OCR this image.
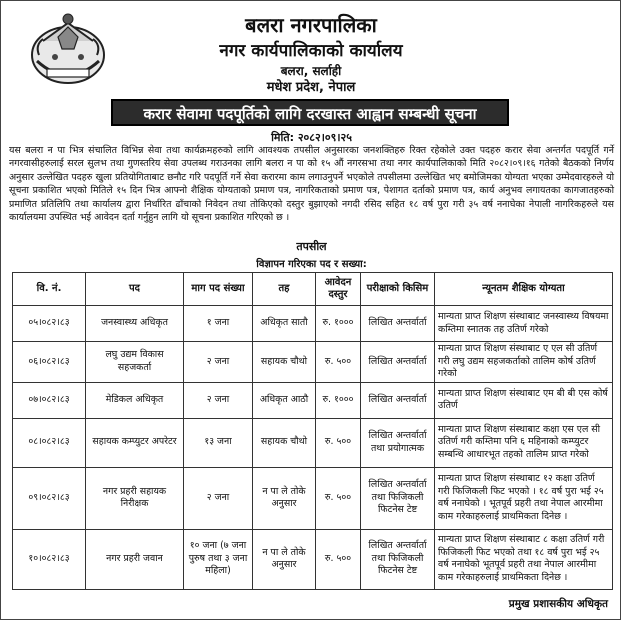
बलरा नगरपालिका
नगर कार्यपालिकाको कार्यालय
बलरा, सर्लाही
मधेश प्रदेश, नेपाल
करार सेवामा पदपूर्तिको लागि दरखास्त आह्वान सम्बन्धी सूचना
मिति: २०८२।०९।२५
यस बलरा न पा भित्र संचालित विभिन्न सेवा तथा कार्यक्रमहरुको लागि आवश्यक तपसील अनुसारका जनशक्तिहरु रिक्त रहेकोले उक्त पदहरु करार सेवा अन्तर्गत पदपूर्ति गर्ने नगरवासीहरुलाई सरल सुलभ तथा गुणस्तरिय सेवा उपलब्ध गराउनका लागि बलरा न पा को १५ औं नगरसभा तथा नगर कार्यपालिकाको मिति २०८२।०९।१६ गतेको बैठकको निर्णय अनुसार उल्लेखित पदहरु खुला प्रतियोगिताबाट छनौट गरि पदपूर्ति गर्ने सेवा करारमा काम लगाउनुपर्ने भएकोले तपसीलमा उल्लेखित भए बमोजिमका योग्यता भएका उम्मेदवारहरुले यो सूचना प्रकाशित भएको मितिले १५ दिन भित्र आफ्नो शैक्षिक योग्यताको प्रमाण पत्र, नागरिकताको प्रमाण पत्र, पेशागत दर्ताको प्रमाण पत्र, कार्य अनुभव लगायतका कागजातहरुको प्रमाणित प्रतिलिपि तथा कार्यालय द्वारा निर्धारित ढाँचाको निवेदन तथा तोकिएको दस्तुर बुझाएको नगदी रसिद सहित १८ वर्ष पुरा गरी ३५ वर्ष ननाघेका नेपाली नागरिकहरुले यस कार्यालयमा उपस्थित भई आवेदन दर्ता गर्नुहुन लागि यो सूचना प्रकाशित गरिएको छ ।
तपसील
विज्ञापन गरिएका पद र सख्या:
वि. नं.	पद	माग पद संख्या	तह	आवेदन दस्तुर	परीक्षाको किसिम	न्यूनतम शैक्षिक योग्यता
०५।०८२।८३	जनस्वास्थ्य अधिकृत	१ जना	अधिकृत सातौ	रु. १०००	लिखित अन्तर्वार्ता	मान्यता प्राप्त शिक्षण संस्थाबाट जनस्वास्थ्य विषयमा कम्तिमा स्नातक तह उतिर्ण गरेको
०६।०८२।८३	लघु उद्यम विकास सहजकर्ता	२ जना	सहायक चौथो	रु. ५००	लिखित अन्तर्वार्ता	मान्यता प्राप्त शिक्षण संस्थाबाट ए एल सी उतिर्ण गरी लघु उद्यम सहजकर्ताको तालिम कोर्ष उतिर्ण गरेको
०७।०८२।८३	मेडिकल अधिकृत	२ जना	अधिकृत आठौ	रु. १०००	लिखित अन्तर्वार्ता	मान्यता प्राप्त शिक्षण संस्थाबाट एम बी बी एस कोर्ष उतिर्ण
०८।०८२।८३	सहायक कम्प्युटर अपरेटर	१३ जना	सहायक चौथो	रु. ५००	लिखित अन्तर्वार्ता तथा प्रयोगात्मक	मान्यता प्राप्त शिक्षण संस्थाबाट कक्षा एस एल सी उतिर्ण गरी कम्तिमा पनि ६ महिनाको कम्प्युटर सम्बन्धि आधारभूत तहको तालिम प्राप्त गरेको
०९।०८२।८३	नगर प्रहरी सहायक निरीक्षक	२ जना	न पा ले तोके अनुसार	रु. ५००	लिखित अन्तर्वार्ता तथा फिजिकली फिटनेस टेष्ट	मान्यता प्राप्त शिक्षण संस्थाबाट १२ कक्षा उतिर्ण गरी फिजिकली फिट भएको । १८ वर्ष पुरा भई २५ वर्ष ननाघेको । भूतपूर्व प्रहरी तथा नेपाल आरमीमा काम गरेकाहरुलाई प्राथमिकता दिनेछ ।
१०।०८२।८३	नगर प्रहरी जवान	१० जना (७ जना पुरुष तथा ३ जना महिला)	न पा ले तोके अनुसार	रु. ५००	लिखित अन्तर्वार्ता तथा फिजिकली फिटनेस टेष्ट	मान्यता प्राप्त शिक्षण संस्थाबाट ८ कक्षा उतिर्ण गरी फिजिकली फिट भएको तथा १८ वर्ष पुरा भई २५ वर्ष ननाघेको भूतपूर्व प्रहरी तथा नेपाल आरमीमा काम गरेकाहरुलाई प्राथमिकता दिनेछ ।
प्रमुख प्रशासकीय अधिकृत
